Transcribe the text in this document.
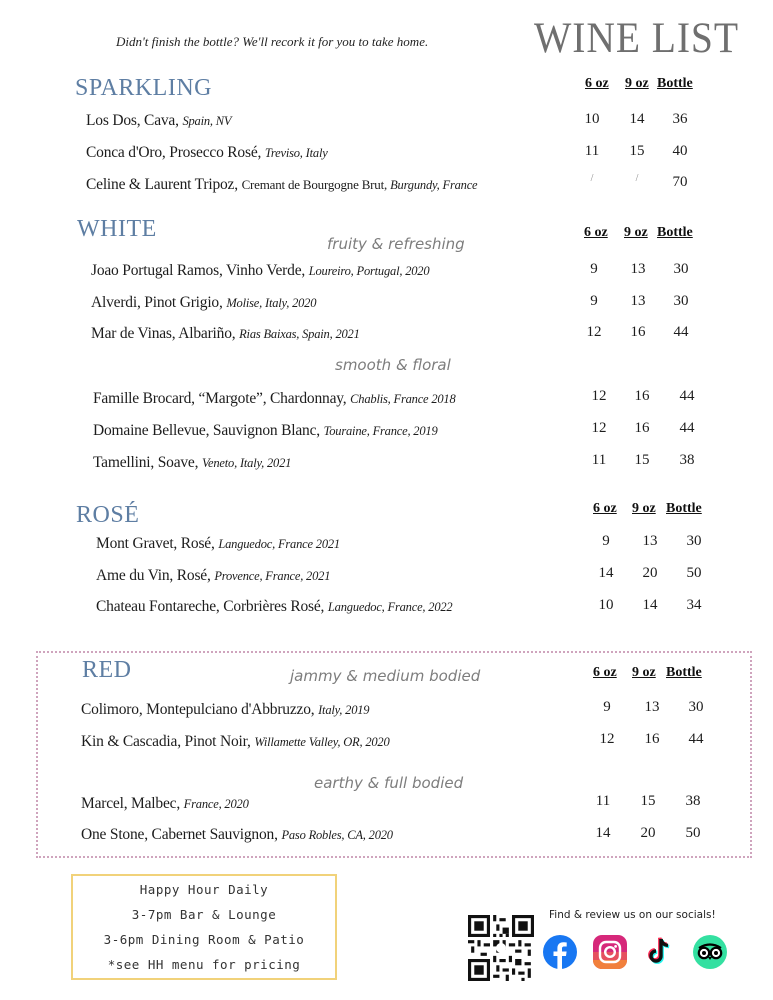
Didn't finish the bottle? We'll recork it for you to take home. WINE LIST
SPARKLING	6 oz 9 oz Bottle
Los Dos, Cava, Spain, NV	10	14	36
Conca d'Oro, Prosecco Rosé, Treviso, Italy	11	15	40
Celine & Laurent Tripoz, Cremant de Bourgogne Brut, Burgundy, France	/	/	70
WHITE
fruity & refreshing
6 oz 9 oz Bottle
Joao Portugal Ramos, Vinho Verde, Loureiro, Portugal, 2020	9	13	30
Alverdi, Pinot Grigio, Molise, Italy, 2020	9	13	30
Mar de Vinas, Albariño, Rias Baixas, Spain, 2021	12	16	44
smooth & floral
Famille Brocard, “Margote”, Chardonnay, Chablis, France 2018	12	16	44
Domaine Bellevue, Sauvignon Blanc, Touraine, France, 2019	12	16	44
Tamellini, Soave, Veneto, Italy, 2021	11	15	38
ROSÉ	6 oz 9 oz Bottle
Mont Gravet, Rosé, Languedoc, France 2021	9	13	30
Ame du Vin, Rosé, Provence, France, 2021	14	20	50
Chateau Fontareche, Corbrières Rosé, Languedoc, France, 2022	10	14	34
RED	jammy & medium bodied	6 oz 9 oz Bottle
Colimoro, Montepulciano d'Abbruzzo, Italy, 2019	9	13	30
Kin & Cascadia, Pinot Noir, Willamette Valley, OR, 2020	12	16	44
earthy & full bodied
Marcel, Malbec, France, 2020	11	15	38
One Stone, Cabernet Sauvignon, Paso Robles, CA, 2020	14	20	50
Happy Hour Daily
3-7pm Bar & Lounge
3-6pm Dining Room & Patio
*see HH menu for pricing
Find & review us on our socials!
